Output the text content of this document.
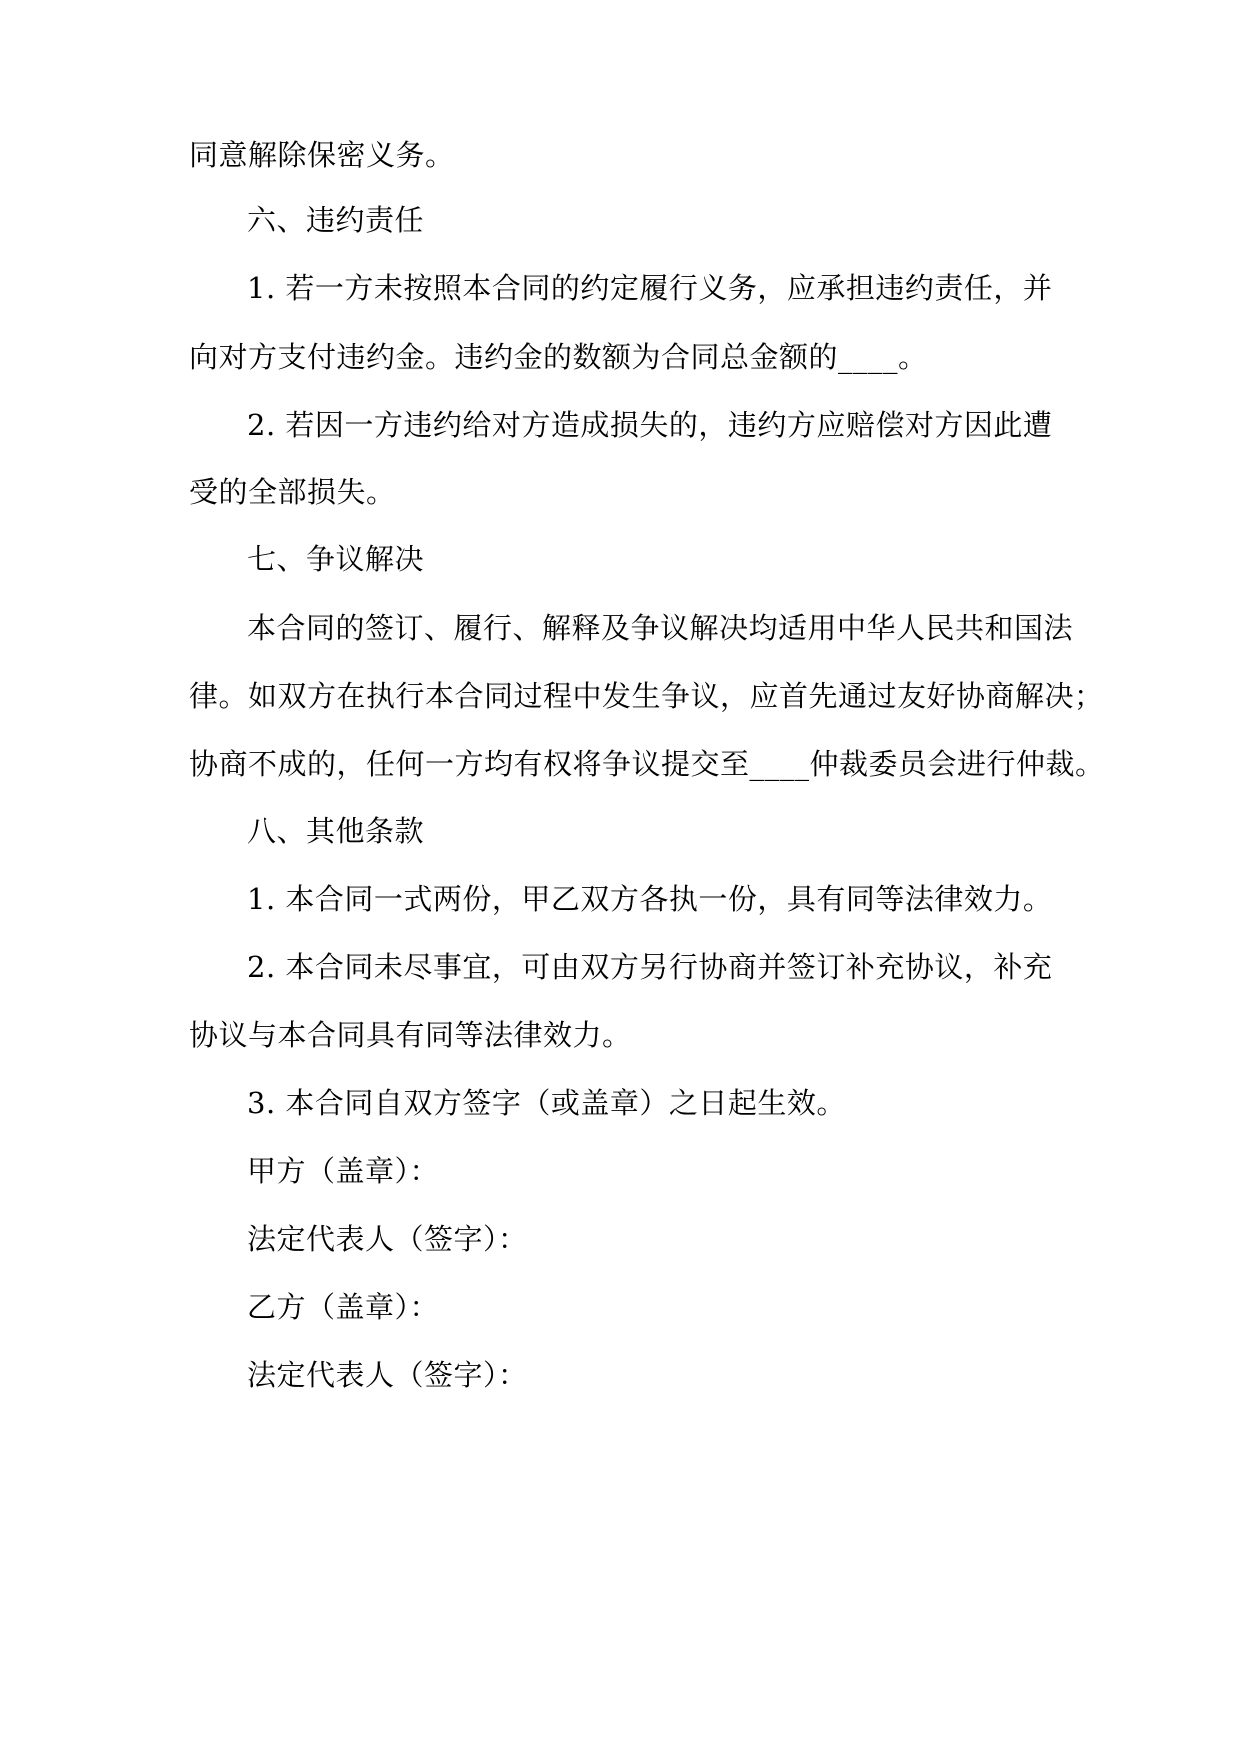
同意解除保密义务。
六、违约责任
1. 若一方未按照本合同的约定履行义务，应承担违约责任，并
向对方支付违约金。违约金的数额为合同总金额的____。
2. 若因一方违约给对方造成损失的，违约方应赔偿对方因此遭
受的全部损失。
七、争议解决
本合同的签订、履行、解释及争议解决均适用中华人民共和国法
律。如双方在执行本合同过程中发生争议，应首先通过友好协商解决；
协商不成的，任何一方均有权将争议提交至____仲裁委员会进行仲裁。
八、其他条款
1. 本合同一式两份，甲乙双方各执一份，具有同等法律效力。
2. 本合同未尽事宜，可由双方另行协商并签订补充协议，补充
协议与本合同具有同等法律效力。
3. 本合同自双方签字（或盖章）之日起生效。
甲方（盖章）：
法定代表人（签字）：
乙方（盖章）：
法定代表人（签字）：
